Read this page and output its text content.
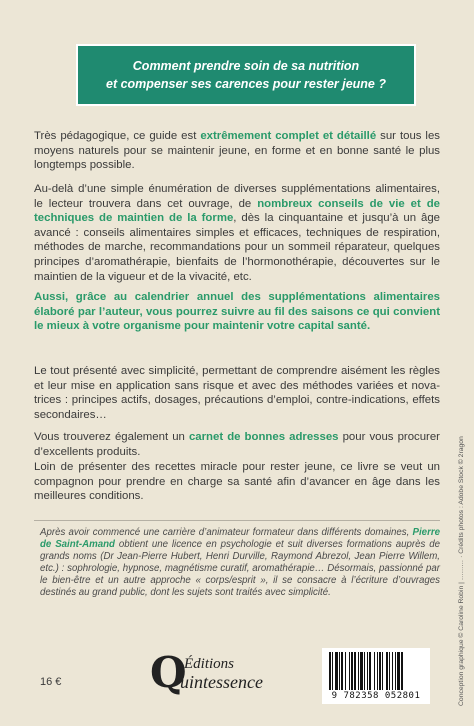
Comment prendre soin de sa nutrition
et compenser ses carences pour rester jeune ?

Très pédagogique, ce guide est extrêmement complet et détaillé sur tous les moyens naturels pour se maintenir jeune, en forme et en bonne santé le plus longtemps possible.

Au-delà d’une simple énumération de diverses supplémentations alimentaires, le lecteur trouvera dans cet ouvrage, de nombreux conseils de vie et de techniques de maintien de la forme, dès la cinquantaine et jusqu’à un âge avancé : conseils alimentaires simples et efficaces, techniques de respiration, méthodes de marche, recommandations pour un sommeil réparateur, quelques principes d’aromathérapie, bienfaits de l’hormonothérapie, découvertes sur le maintien de la vigueur et de la vivacité, etc.

Aussi, grâce au calendrier annuel des supplémentations alimentaires élaboré par l’auteur, vous pourrez suivre au fil des saisons ce qui convient le mieux à votre organisme pour maintenir votre capital santé.

Le tout présenté avec simplicité, permettant de comprendre aisément les règles et leur mise en application sans risque et avec des méthodes variées et nova-trices : principes actifs, dosages, précautions d’emploi, contre-indications, effets secondaires…

Vous trouverez également un carnet de bonnes adresses pour vous procurer d’excellents produits.

Loin de présenter des recettes miracle pour rester jeune, ce livre se veut un compagnon pour prendre en charge sa santé afin d’avancer en âge dans les meilleures conditions.

Après avoir commencé une carrière d’animateur formateur dans différents domaines, Pierre de Saint-Amand obtient une licence en psychologie et suit diverses formations auprès de grands noms (Dr Jean-Pierre Hubert, Henri Durville, Raymond Abrezol, Jean Pierre Willem, etc.) : sophrologie, hypnose, magnétisme curatif, aromathérapie… Désormais, passionné par le bien-être et un autre approche « corps/esprit », il se consacre à l’écriture d’ouvrages destinés au grand public, dont les sujets sont traités avec simplicité.

16 € Q
Éditions
uintessence
9 782358 052801	Conception graphique © Caroline Robin | ……… · Crédits photos : Adobe Stock © 2ragon
